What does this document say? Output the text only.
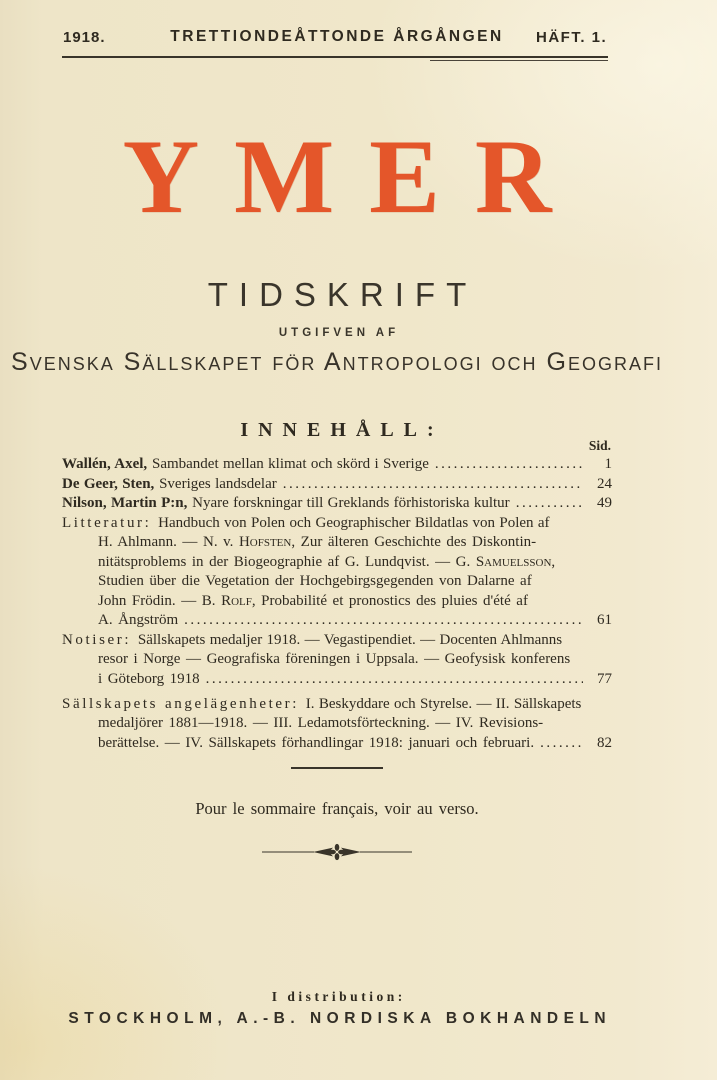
1918.	TRETTIONDEÅTTONDE ÅRGÅNGEN	HÄFT. 1.
YMER
TIDSKRIFT
UTGIFVEN AF
Svenska Sällskapet för Antropologi och Geografi
INNEHÅLL:
Sid.
Wallén, Axel, Sambandet mellan klimat och skörd i Sverige .....	1
De Geer, Sten, Sveriges landsdelar .....	24
Nilson, Martin P:n, Nyare forskningar till Greklands förhistoriska kultur .....	49
Litteratur: Handbuch von Polen och Geographischer Bildatlas von Polen af
H. Ahlmann. — N. v. Hofsten, Zur älteren Geschichte des Diskontin-
nitätsproblems in der Biogeographie af G. Lundqvist. — G. Samuelsson,
Studien über die Vegetation der Hochgebirgsgegenden von Dalarne af
John Frödin. — B. Rolf, Probabilité et pronostics des pluies d'été af
A. Ångström .....	61
Notiser: Sällskapets medaljer 1918. — Vegastipendiet. — Docenten Ahlmanns
resor i Norge — Geografiska föreningen i Uppsala. — Geofysisk konferens
i Göteborg 1918 .....	77
Sällskapets angelägenheter: I. Beskyddare och Styrelse. — II. Sällskapets
medaljörer 1881—1918. — III. Ledamotsförteckning. — IV. Revisions-
berättelse. — IV. Sällskapets förhandlingar 1918: januari och februari. .....	82
Pour le sommaire français, voir au verso.
I distribution:
STOCKHOLM, A.-B. NORDISKA BOKHANDELN
